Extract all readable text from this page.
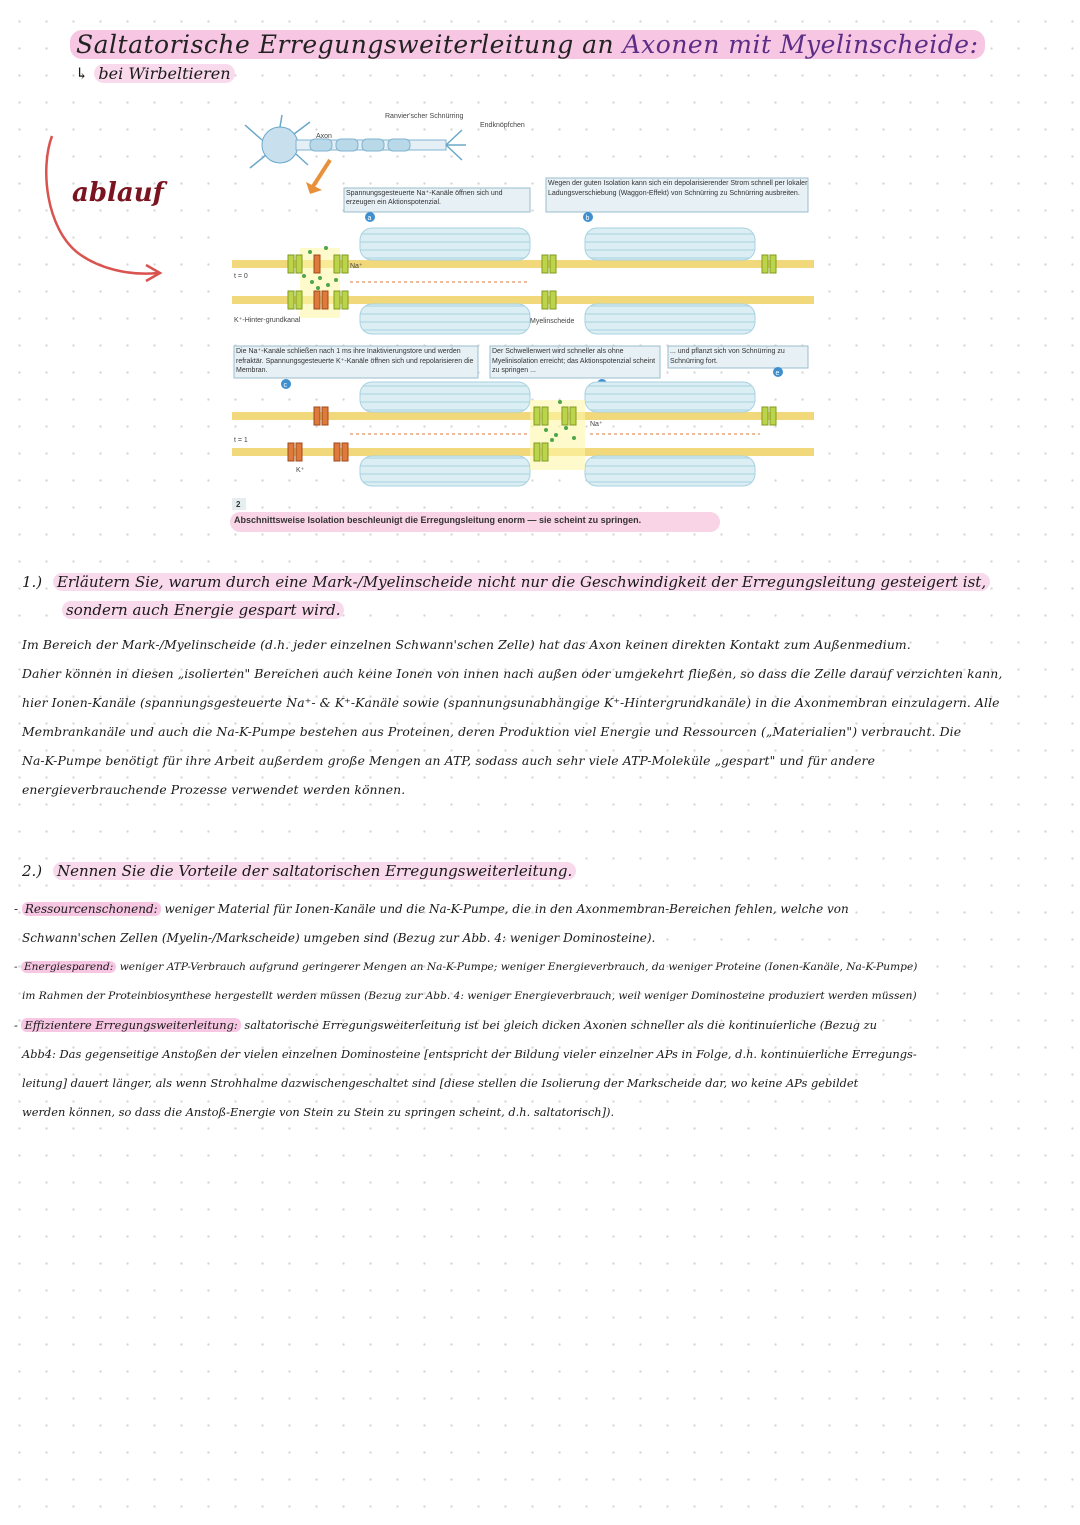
Saltatorische Erregungsweiterleitung an Axonen mit Myelinscheide:
↳ bei Wirbeltieren
ablauf
Ranvier'scher Schnürring
Axon
Endknöpfchen
Spannungsgesteuerte Na⁺-Kanäle öffnen sich und erzeugen ein Aktionspotenzial.
a
Wegen der guten Isolation kann sich ein depolarisierender Strom schnell per lokaler Ladungsverschiebung (Waggon-Effekt) von Schnürring zu Schnürring ausbreiten.
b
t = 0
Na⁺
K⁺-Hinter-grundkanal	Myelinscheide
Die Na⁺-Kanäle schließen nach 1 ms ihre Inaktivierungstore und werden refraktär. Spannungsgesteuerte K⁺-Kanäle öffnen sich und repolarisieren die Membran.
c
Der Schwellenwert wird schneller als ohne Myelinisolation erreicht; das Aktionspotenzial scheint zu springen ...
... und pflanzt sich von Schnürring zu Schnürring fort.
e
t = 1
Na⁺
K⁺
2
Abschnittsweise Isolation beschleunigt die Erregungsleitung enorm — sie scheint zu springen.
1.) Erläutern Sie, warum durch eine Mark-/Myelinscheide nicht nur die Geschwindigkeit der Erregungsleitung gesteigert ist,
sondern auch Energie gespart wird.
Im Bereich der Mark-/Myelinscheide (d.h. jeder einzelnen Schwann'schen Zelle) hat das Axon keinen direkten Kontakt zum Außenmedium.
Daher können in diesen „isolierten" Bereichen auch keine Ionen von innen nach außen oder umgekehrt fließen, so dass die Zelle darauf verzichten kann,
hier Ionen-Kanäle (spannungsgesteuerte Na⁺- & K⁺-Kanäle sowie (spannungsunabhängige K⁺-Hintergrundkanäle) in die Axonmembran einzulagern. Alle
Membrankanäle und auch die Na-K-Pumpe bestehen aus Proteinen, deren Produktion viel Energie und Ressourcen („Materialien") verbraucht. Die
Na-K-Pumpe benötigt für ihre Arbeit außerdem große Mengen an ATP, sodass auch sehr viele ATP-Moleküle „gespart" und für andere
energieverbrauchende Prozesse verwendet werden können.
2.) Nennen Sie die Vorteile der saltatorischen Erregungsweiterleitung.

- Ressourcenschonend: weniger Material für Ionen-Kanäle und die Na-K-Pumpe, die in den Axonmembran-Bereichen fehlen, welche von

Schwann'schen Zellen (Myelin-/Markscheide) umgeben sind (Bezug zur Abb. 4: weniger Dominosteine).

- Energiesparend: weniger ATP-Verbrauch aufgrund geringerer Mengen an Na-K-Pumpe; weniger Energieverbrauch, da weniger Proteine (Ionen-Kanäle, Na-K-Pumpe)

im Rahmen der Proteinbiosynthese hergestellt werden müssen (Bezug zur Abb. 4: weniger Energieverbrauch, weil weniger Dominosteine produziert werden müssen)

- Effizientere Erregungsweiterleitung: saltatorische Erregungsweiterleitung ist bei gleich dicken Axonen schneller als die kontinuierliche (Bezug zu

Abb4: Das gegenseitige Anstoßen der vielen einzelnen Dominosteine [entspricht der Bildung vieler einzelner APs in Folge, d.h. kontinuierliche Erregungs-

leitung] dauert länger, als wenn Strohhalme dazwischengeschaltet sind [diese stellen die Isolierung der Markscheide dar, wo keine APs gebildet

werden können, so dass die Anstoß-Energie von Stein zu Stein zu springen scheint, d.h. saltatorisch]).
